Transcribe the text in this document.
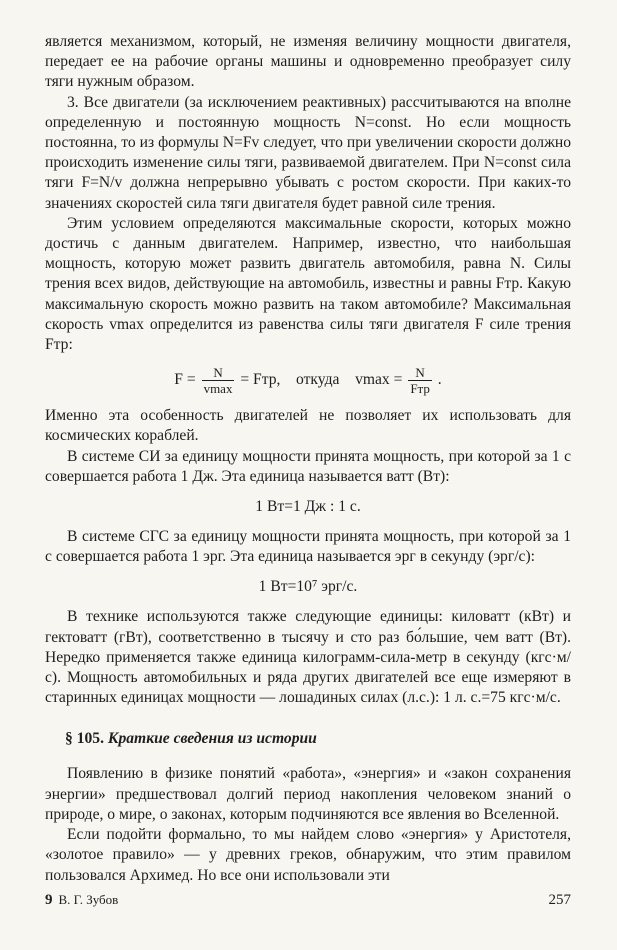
является механизмом, который, не изменяя величину мощности двигателя, передает ее на рабочие органы машины и одновременно преобразует силу тяги нужным образом.

3. Все двигатели (за исключением реактивных) рассчитываются на вполне определенную и постоянную мощность N=const. Но если мощность постоянна, то из формулы N=Fv следует, что при увеличении скорости должно происходить изменение силы тяги, развиваемой двигателем. При N=const сила тяги F=N/v должна непрерывно убывать с ростом скорости. При каких-то значениях скоростей сила тяги двигателя будет равной силе трения.

Этим условием определяются максимальные скорости, которых можно достичь с данным двигателем. Например, известно, что наибольшая мощность, которую может развить двигатель автомобиля, равна N. Силы трения всех видов, действующие на автомобиль, известны и равны Fтр. Какую максимальную скорость можно развить на таком автомобиле? Максимальная скорость vmax определится из равенства силы тяги двигателя F силе трения Fтр:

$F = \frac{N}{vmax}$ = Fтр, откуда $vmax = \frac{N}{\text{Fтр}}$ .

Именно эта особенность двигателей не позволяет их использовать для космических кораблей.

В системе СИ за единицу мощности принята мощность, при которой за 1 с совершается работа 1 Дж. Эта единица называется ватт (Вт):

1 Вт=1 Дж : 1 с.

В системе СГС за единицу мощности принята мощность, при которой за 1 с совершается работа 1 эрг. Эта единица называется эрг в секунду (эрг/с):

1 Вт=10⁷ эрг/с.

В технике используются также следующие единицы: киловатт (кВт) и гектоватт (гВт), соответственно в тысячу и сто раз бо́льшие, чем ватт (Вт). Нередко применяется также единица килограмм-сила-метр в секунду (кгс·м/с). Мощность автомобильных и ряда других двигателей все еще измеряют в старинных единицах мощности — лошадиных силах (л.с.): 1 л. с.=75 кгс·м/с.

§ 105. Краткие сведения из истории

Появлению в физике понятий «работа», «энергия» и «закон сохранения энергии» предшествовал долгий период накопления человеком знаний о природе, о мире, о законах, которым подчиняются все явления во Вселенной.

Если подойти формально, то мы найдем слово «энергия» у Аристотеля, «золотое правило» — у древних греков, обнаружим, что этим правилом пользовался Архимед. Но все они использовали эти

9 В. Г. Зубов	257
